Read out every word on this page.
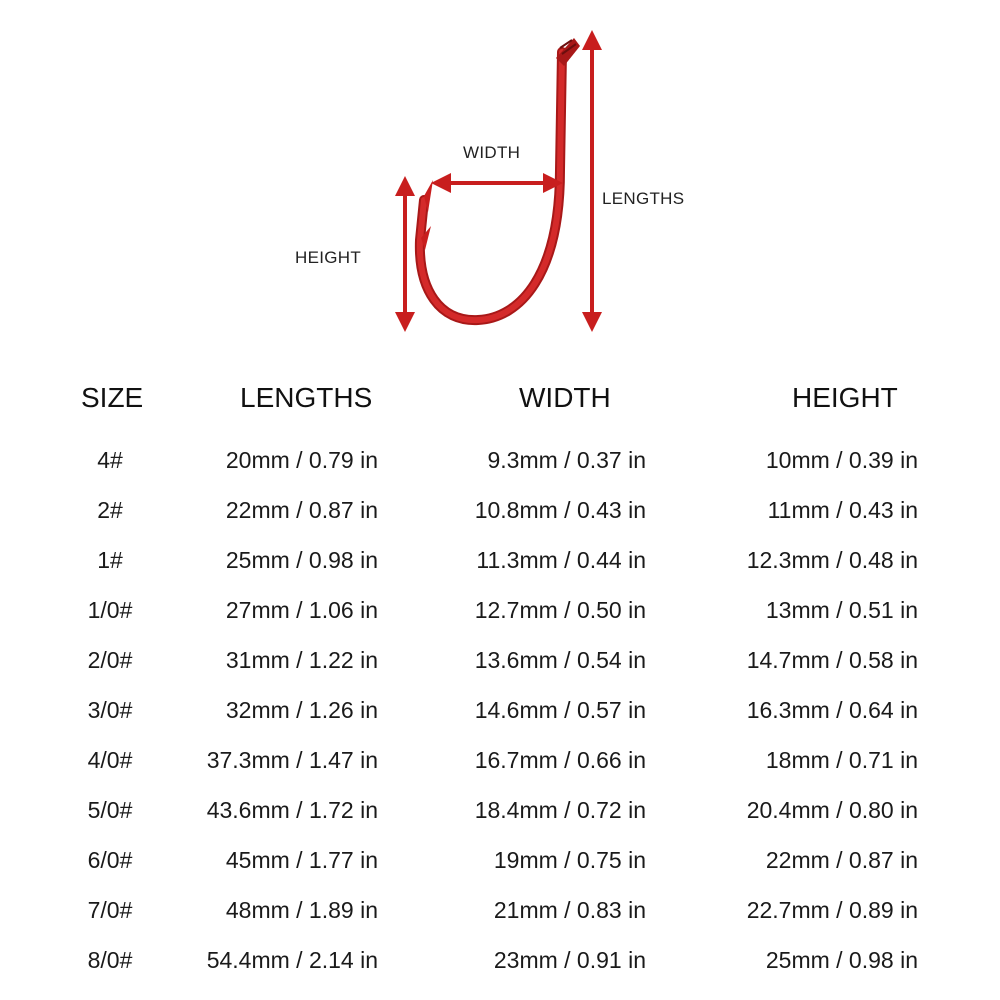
WIDTH
LENGTHS
HEIGHT
SIZE	LENGTHS	WIDTH	HEIGHT
4#	20mm / 0.79 in	9.3mm / 0.37 in	10mm / 0.39 in
2#	22mm / 0.87 in	10.8mm / 0.43 in	11mm / 0.43 in
1#	25mm / 0.98 in	11.3mm / 0.44 in	12.3mm / 0.48 in
1/0#	27mm / 1.06 in	12.7mm / 0.50 in	13mm / 0.51 in
2/0#	31mm / 1.22 in	13.6mm / 0.54 in	14.7mm / 0.58 in
3/0#	32mm / 1.26 in	14.6mm / 0.57 in	16.3mm / 0.64 in
4/0#	37.3mm / 1.47 in	16.7mm / 0.66 in	18mm / 0.71 in
5/0#	43.6mm / 1.72 in	18.4mm / 0.72 in	20.4mm / 0.80 in
6/0#	45mm / 1.77 in	19mm / 0.75 in	22mm / 0.87 in
7/0#	48mm / 1.89 in	21mm / 0.83 in	22.7mm / 0.89 in
8/0#	54.4mm / 2.14 in	23mm / 0.91 in	25mm / 0.98 in
